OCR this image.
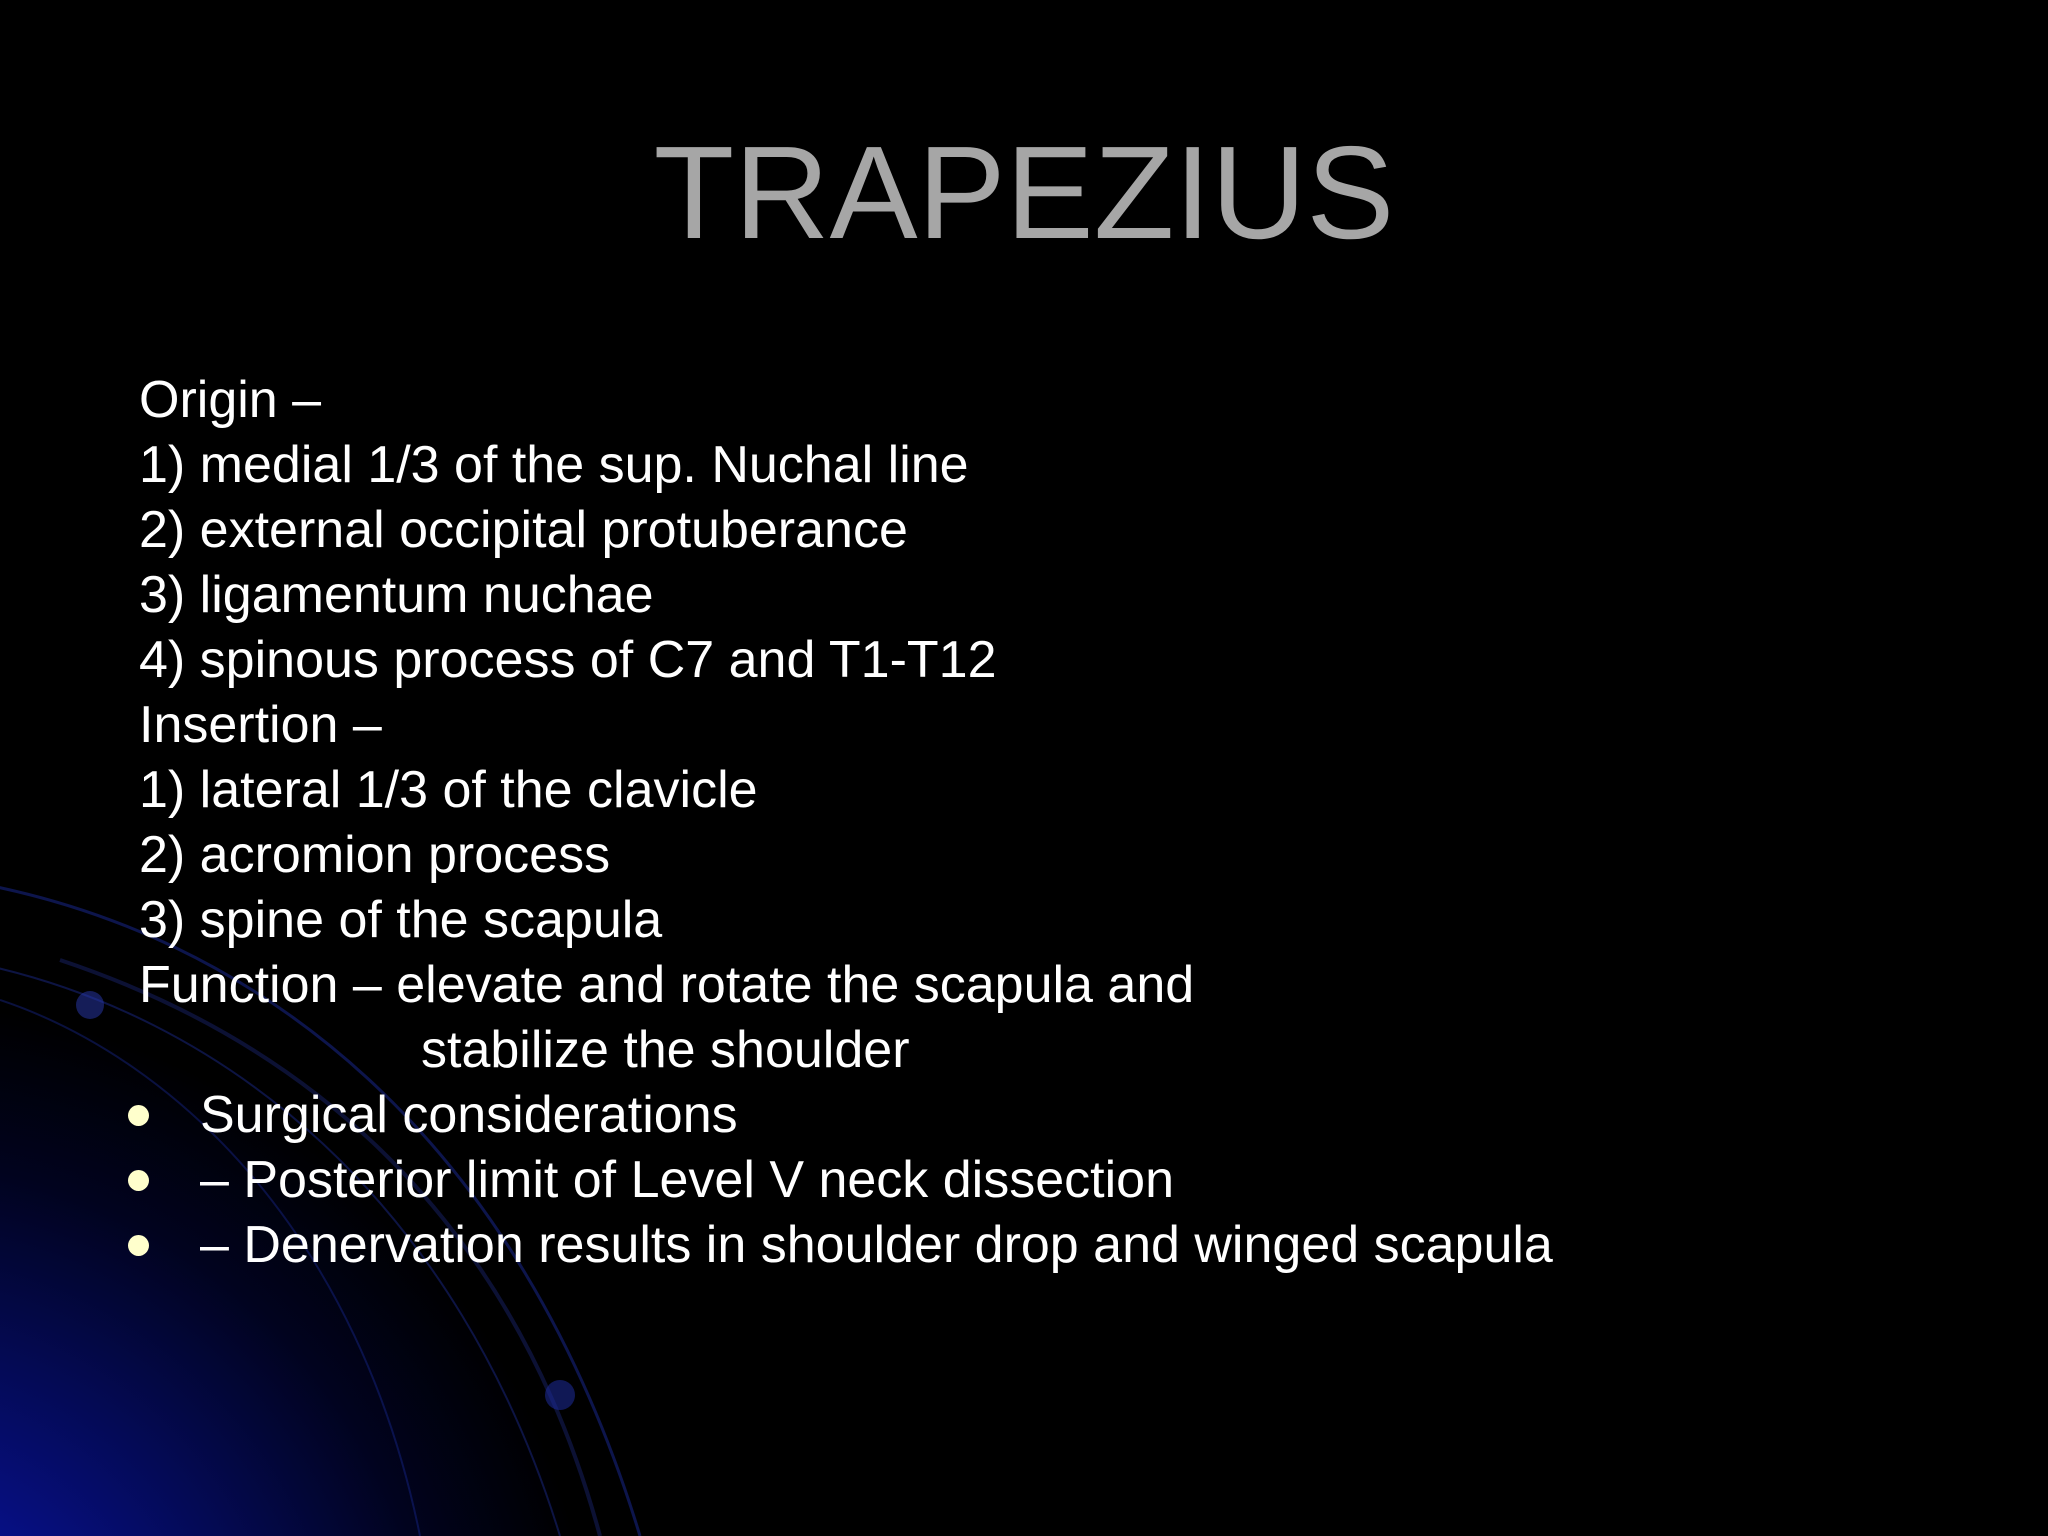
TRAPEZIUS
Origin –
1) medial 1/3 of the sup. Nuchal line
2) external occipital protuberance
3) ligamentum nuchae
4) spinous process of C7 and T1-T12
Insertion –
1) lateral 1/3 of the clavicle
2) acromion process
3) spine of the scapula
Function – elevate and rotate the scapula and
stabilize the shoulder
Surgical considerations
– Posterior limit of Level V neck dissection
– Denervation results in shoulder drop and winged scapula
